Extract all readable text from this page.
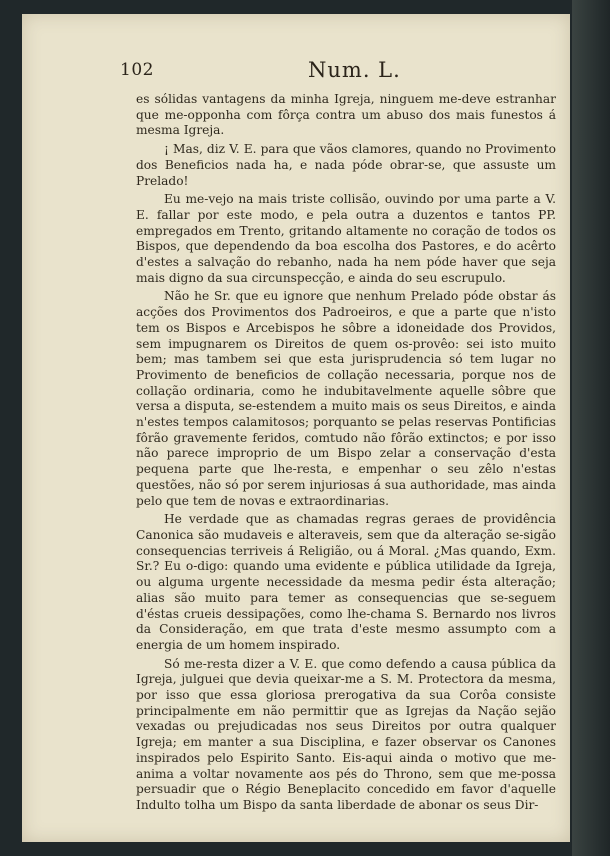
102	Num. L.

es sólidas vantagens da minha Igreja, ninguem me-deve estranhar que me-opponha com fôrça contra um abuso dos mais funestos á mesma Igreja.

¡ Mas, diz V. E. para que vãos clamores, quando no Provimento dos Beneficios nada ha, e nada póde obrar-se, que assuste um Prelado!

Eu me-vejo na mais triste collisão, ouvindo por uma parte a V. E. fallar por este modo, e pela outra a duzentos e tantos PP. empregados em Trento, gritando altamente no coração de todos os Bispos, que dependendo da boa escolha dos Pastores, e do acêrto d'estes a salvação do rebanho, nada ha nem póde haver que seja mais digno da sua circunspecção, e ainda do seu escrupulo.

Não he Sr. que eu ignore que nenhum Prelado póde obstar ás acções dos Provimentos dos Padroeiros, e que a parte que n'isto tem os Bispos e Arcebispos he sôbre a idoneidade dos Providos, sem impugnarem os Direitos de quem os-provêo: sei isto muito bem; mas tambem sei que esta jurisprudencia só tem lugar no Provimento de beneficios de collação necessaria, porque nos de collação ordinaria, como he indubitavelmente aquelle sôbre que versa a disputa, se-estendem a muito mais os seus Direitos, e ainda n'estes tempos calamitosos; porquanto se pelas reservas Pontificias fôrão gravemente feridos, comtudo não fôrão extinctos; e por isso não parece improprio de um Bispo zelar a conservação d'esta pequena parte que lhe-resta, e empenhar o seu zêlo n'estas questões, não só por serem injuriosas á sua authoridade, mas ainda pelo que tem de novas e extraordinarias.

He verdade que as chamadas regras geraes de providência Canonica são mudaveis e alteraveis, sem que da alteração se-sigão consequencias terriveis á Religião, ou á Moral. ¿Mas quando, Exm. Sr.? Eu o-digo: quando uma evidente e pública utilidade da Igreja, ou alguma urgente necessidade da mesma pedir ésta alteração; alias são muito para temer as consequencias que se-seguem d'éstas crueis dessipações, como lhe-chama S. Bernardo nos livros da Consideração, em que trata d'este mesmo assumpto com a energia de um homem inspirado.

Só me-resta dizer a V. E. que como defendo a causa pública da Igreja, julguei que devia queixar-me a S. M. Protectora da mesma, por isso que essa gloriosa prerogativa da sua Corôa consiste principalmente em não permittir que as Igrejas da Nação sejão vexadas ou prejudicadas nos seus Direitos por outra qualquer Igreja; em manter a sua Disciplina, e fazer observar os Canones inspirados pelo Espirito Santo. Eis-aqui ainda o motivo que me-anima a voltar novamente aos pés do Throno, sem que me-possa persuadir que o Régio Beneplacito concedido em favor d'aquelle Indulto tolha um Bispo da santa liberdade de abonar os seus Dir-
